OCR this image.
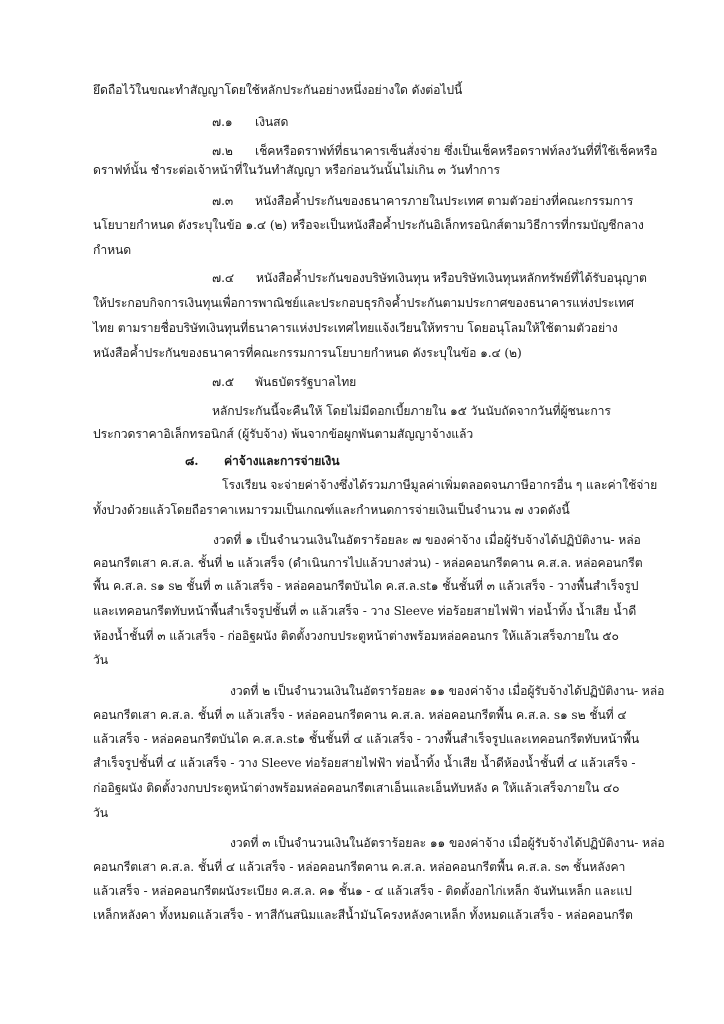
ยึดถือไว้ในขณะทำสัญญาโดยใช้หลักประกันอย่างหนึ่งอย่างใด ดังต่อไปนี้
๗.๑ เงินสด
๗.๒ เช็คหรือดราฟท์ที่ธนาคารเซ็นสั่งจ่าย ซึ่งเป็นเช็คหรือดราฟท์ลงวันที่ที่ใช้เช็คหรือ
ดราฟท์นั้น ชำระต่อเจ้าหน้าที่ในวันทำสัญญา หรือก่อนวันนั้นไม่เกิน ๓ วันทำการ
๗.๓ หนังสือค้ำประกันของธนาคารภายในประเทศ ตามตัวอย่างที่คณะกรรมการ
นโยบายกำหนด ดังระบุในข้อ ๑.๔ (๒) หรือจะเป็นหนังสือค้ำประกันอิเล็กทรอนิกส์ตามวิธีการที่กรมบัญชีกลาง
กำหนด
๗.๔ หนังสือค้ำประกันของบริษัทเงินทุน หรือบริษัทเงินทุนหลักทรัพย์ที่ได้รับอนุญาต
ให้ประกอบกิจการเงินทุนเพื่อการพาณิชย์และประกอบธุรกิจค้ำประกันตามประกาศของธนาคารแห่งประเทศ
ไทย ตามรายชื่อบริษัทเงินทุนที่ธนาคารแห่งประเทศไทยแจ้งเวียนให้ทราบ โดยอนุโลมให้ใช้ตามตัวอย่าง
หนังสือค้ำประกันของธนาคารที่คณะกรรมการนโยบายกำหนด ดังระบุในข้อ ๑.๔ (๒)
๗.๕ พันธบัตรรัฐบาลไทย
หลักประกันนี้จะคืนให้ โดยไม่มีดอกเบี้ยภายใน ๑๕ วันนับถัดจากวันที่ผู้ชนะการ
ประกวดราคาอิเล็กทรอนิกส์ (ผู้รับจ้าง) พ้นจากข้อผูกพันตามสัญญาจ้างแล้ว
๘. ค่าจ้างและการจ่ายเงิน
โรงเรียน จะจ่ายค่าจ้างซึ่งได้รวมภาษีมูลค่าเพิ่มตลอดจนภาษีอากรอื่น ๆ และค่าใช้จ่าย
ทั้งปวงด้วยแล้วโดยถือราคาเหมารวมเป็นเกณฑ์และกำหนดการจ่ายเงินเป็นจำนวน ๗ งวดดังนี้
งวดที่ ๑ เป็นจำนวนเงินในอัตราร้อยละ ๗ ของค่าจ้าง เมื่อผู้รับจ้างได้ปฏิบัติงาน- หล่อ
คอนกรีตเสา ค.ส.ล. ชั้นที่ ๒ แล้วเสร็จ (ดำเนินการไปแล้วบางส่วน) - หล่อคอนกรีตคาน ค.ส.ล. หล่อคอนกรีต
พื้น ค.ส.ล. s๑ s๒ ชั้นที่ ๓ แล้วเสร็จ - หล่อคอนกรีตบันได ค.ส.ล.st๑ ชั้นชั้นที่ ๓ แล้วเสร็จ - วางพื้นสำเร็จรูป
และเทคอนกรีตทับหน้าพื้นสำเร็จรูปชั้นที่ ๓ แล้วเสร็จ - วาง Sleeve ท่อร้อยสายไฟฟ้า ท่อน้ำทิ้ง น้ำเสีย น้ำดี
ห้องน้ำชั้นที่ ๓ แล้วเสร็จ - ก่ออิฐผนัง ติดตั้งวงกบประตูหน้าต่างพร้อมหล่อคอนกร ให้แล้วเสร็จภายใน ๕๐
วัน
งวดที่ ๒ เป็นจำนวนเงินในอัตราร้อยละ ๑๑ ของค่าจ้าง เมื่อผู้รับจ้างได้ปฏิบัติงาน- หล่อ
คอนกรีตเสา ค.ส.ล. ชั้นที่ ๓ แล้วเสร็จ - หล่อคอนกรีตคาน ค.ส.ล. หล่อคอนกรีตพื้น ค.ส.ล. s๑ s๒ ชั้นที่ ๔
แล้วเสร็จ - หล่อคอนกรีตบันได ค.ส.ล.st๑ ชั้นชั้นที่ ๔ แล้วเสร็จ - วางพื้นสำเร็จรูปและเทคอนกรีตทับหน้าพื้น
สำเร็จรูปชั้นที่ ๔ แล้วเสร็จ - วาง Sleeve ท่อร้อยสายไฟฟ้า ท่อน้ำทิ้ง น้ำเสีย น้ำดีห้องน้ำชั้นที่ ๔ แล้วเสร็จ -
ก่ออิฐผนัง ติดตั้งวงกบประตูหน้าต่างพร้อมหล่อคอนกรีตเสาเอ็นและเอ็นทับหลัง ค ให้แล้วเสร็จภายใน ๔๐
วัน
งวดที่ ๓ เป็นจำนวนเงินในอัตราร้อยละ ๑๑ ของค่าจ้าง เมื่อผู้รับจ้างได้ปฏิบัติงาน- หล่อ
คอนกรีตเสา ค.ส.ล. ชั้นที่ ๔ แล้วเสร็จ - หล่อคอนกรีตคาน ค.ส.ล. หล่อคอนกรีตพื้น ค.ส.ล. s๓ ชั้นหลังคา
แล้วเสร็จ - หล่อคอนกรีตผนังระเบียง ค.ส.ล. ค๑ ชั้น๑ - ๔ แล้วเสร็จ - ติดตั้งอกไก่เหล็ก จันทันเหล็ก และแป
เหล็กหลังคา ทั้งหมดแล้วเสร็จ - ทาสีกันสนิมและสีน้ำมันโครงหลังคาเหล็ก ทั้งหมดแล้วเสร็จ - หล่อคอนกรีต
